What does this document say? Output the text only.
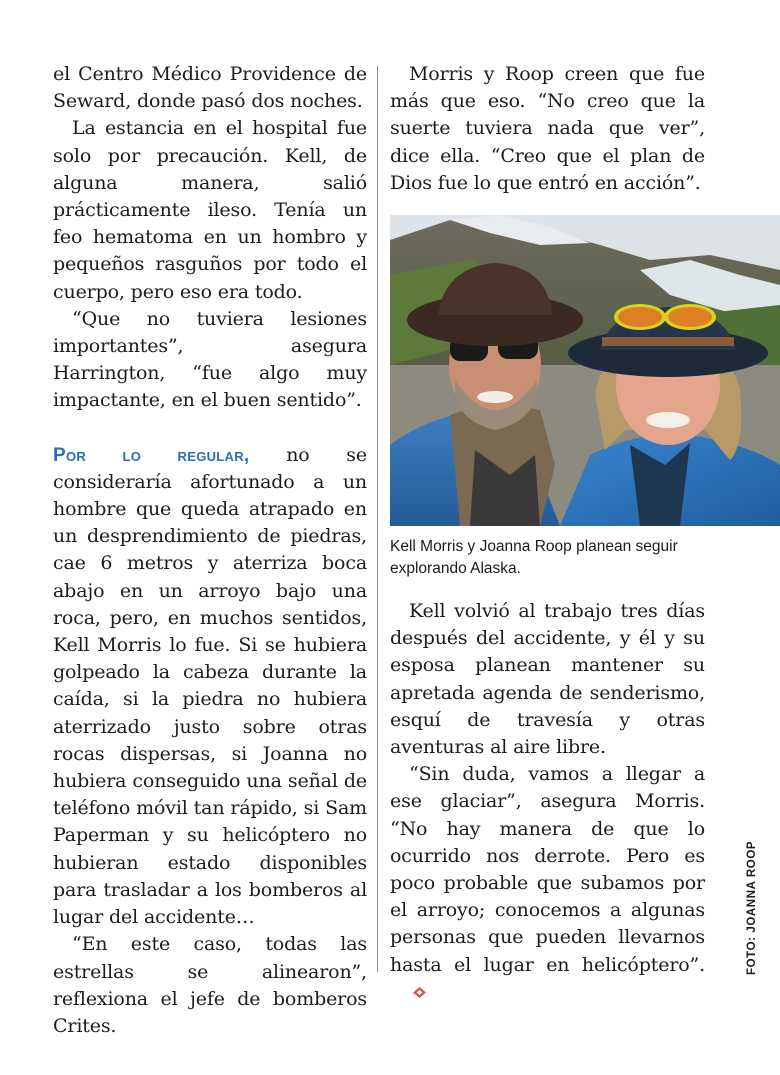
el Centro Médico Providence de Seward, donde pasó dos noches.

La estancia en el hospital fue solo por precaución. Kell, de alguna manera, salió prácticamente ileso. Tenía un feo hematoma en un hombro y pequeños rasguños por todo el cuerpo, pero eso era todo.

“Que no tuviera lesiones importantes”, asegura Harrington, “fue algo muy impactante, en el buen sentido”.

Por lo regular, no se consideraría afortunado a un hombre que queda atrapado en un desprendimiento de piedras, cae 6 metros y aterriza boca abajo en un arroyo bajo una roca, pero, en muchos sentidos, Kell Morris lo fue. Si se hubiera golpeado la cabeza durante la caída, si la piedra no hubiera aterrizado justo sobre otras rocas dispersas, si Joanna no hubiera conseguido una señal de teléfono móvil tan rápido, si Sam Paperman y su helicóptero no hubieran estado disponibles para trasladar a los bomberos al lugar del accidente…

“En este caso, todas las estrellas se alinearon”, reflexiona el jefe de bomberos Crites.

Morris y Roop creen que fue más que eso. “No creo que la suerte tuviera nada que ver”, dice ella. “Creo que el plan de Dios fue lo que entró en acción”.

Kell Morris y Joanna Roop planean seguir explorando Alaska.

Kell volvió al trabajo tres días después del accidente, y él y su esposa planean mantener su apretada agenda de senderismo, esquí de travesía y otras aventuras al aire libre.

“Sin duda, vamos a llegar a ese glaciar”, asegura Morris. “No hay manera de que lo ocurrido nos derrote. Pero es poco probable que subamos por el arroyo; conocemos a algunas personas que pueden llevarnos hasta el lugar en helicóptero”.	FOTO: JOANNA ROOP
